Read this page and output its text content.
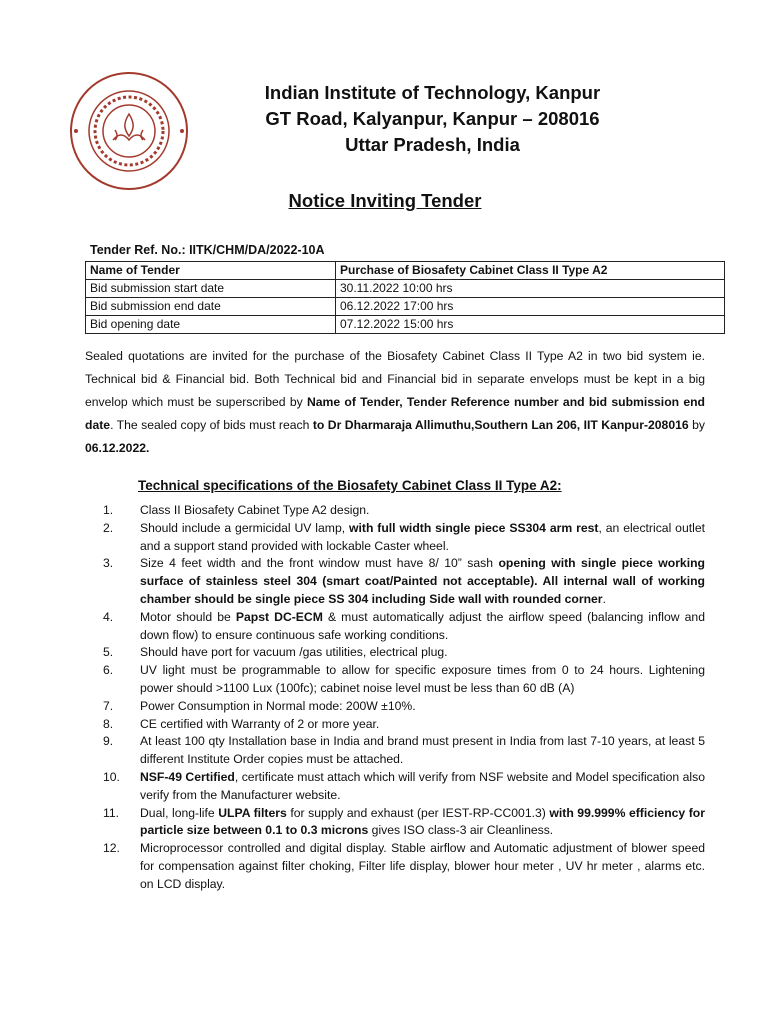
Indian Institute of Technology, Kanpur
GT Road, Kalyanpur, Kanpur – 208016
Uttar Pradesh, India
Notice Inviting Tender
Tender Ref. No.: IITK/CHM/DA/2022-10A
Name of Tender	Purchase of Biosafety Cabinet Class II Type A2
Bid submission start date	30.11.2022 10:00 hrs
Bid submission end date	06.12.2022 17:00 hrs
Bid opening date	07.12.2022 15:00 hrs
Sealed quotations are invited for the purchase of the Biosafety Cabinet Class II Type A2 in two bid system ie. Technical bid & Financial bid. Both Technical bid and Financial bid in separate envelops must be kept in a big envelop which must be superscribed by Name of Tender, Tender Reference number and bid submission end date. The sealed copy of bids must reach to Dr Dharmaraja Allimuthu,Southern Lan 206, IIT Kanpur-208016 by 06.12.2022.
Technical specifications of the Biosafety Cabinet Class II Type A2:
1. Class II Biosafety Cabinet Type A2 design.
2. Should include a germicidal UV lamp, with full width single piece SS304 arm rest, an electrical outlet and a support stand provided with lockable Caster wheel.
3. Size 4 feet width and the front window must have 8/ 10” sash opening with single piece working surface of stainless steel 304 (smart coat/Painted not acceptable). All internal wall of working chamber should be single piece SS 304 including Side wall with rounded corner.
4. Motor should be Papst DC-ECM & must automatically adjust the airflow speed (balancing inflow and down flow) to ensure continuous safe working conditions.
5. Should have port for vacuum /gas utilities, electrical plug.
6. UV light must be programmable to allow for specific exposure times from 0 to 24 hours. Lightening power should >1100 Lux (100fc); cabinet noise level must be less than 60 dB (A)
7. Power Consumption in Normal mode: 200W ±10%.
8. CE certified with Warranty of 2 or more year.
9. At least 100 qty Installation base in India and brand must present in India from last 7-10 years, at least 5 different Institute Order copies must be attached.
10. NSF-49 Certified, certificate must attach which will verify from NSF website and Model specification also verify from the Manufacturer website.
11. Dual, long-life ULPA filters for supply and exhaust (per IEST-RP-CC001.3) with 99.999% efficiency for particle size between 0.1 to 0.3 microns gives ISO class-3 air Cleanliness.
12. Microprocessor controlled and digital display. Stable airflow and Automatic adjustment of blower speed for compensation against filter choking, Filter life display, blower hour meter , UV hr meter , alarms etc. on LCD display.
